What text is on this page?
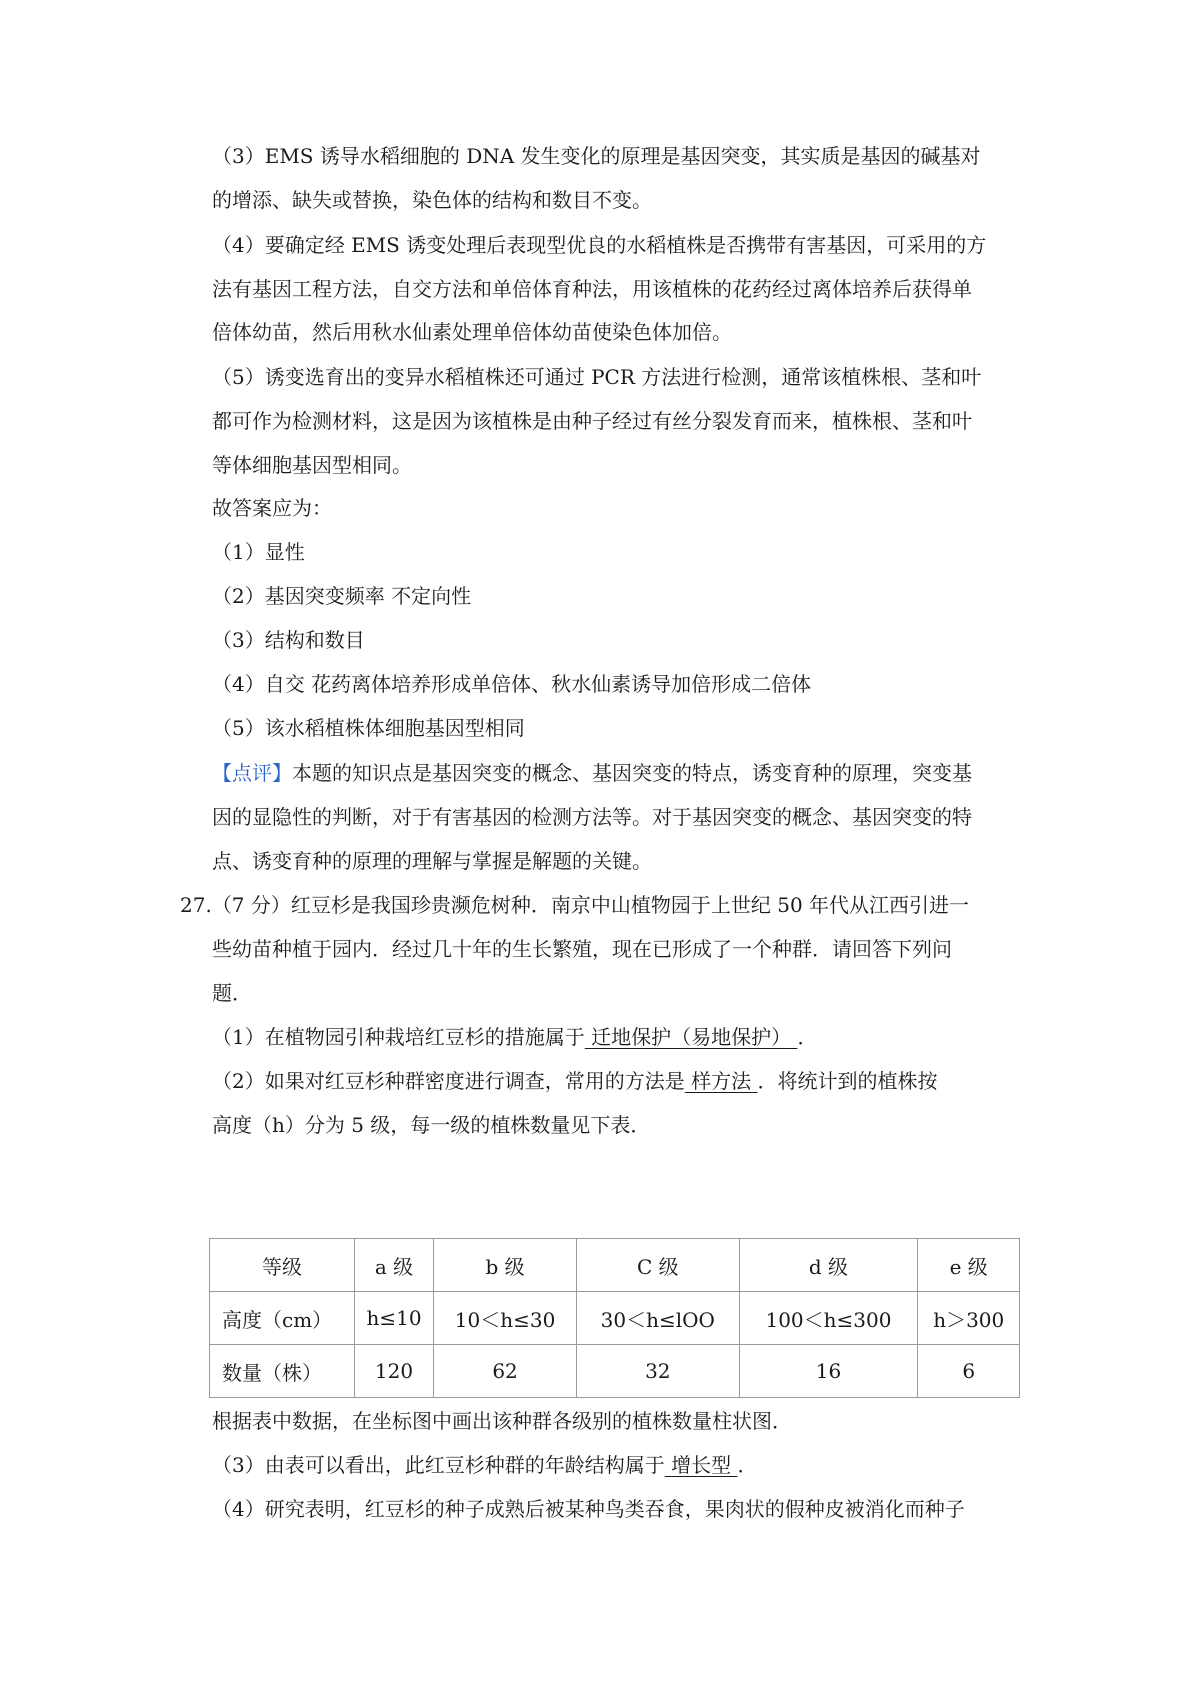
（3）EMS 诱导水稻细胞的 DNA 发生变化的原理是基因突变，其实质是基因的碱基对
的增添、缺失或替换，染色体的结构和数目不变。
（4）要确定经 EMS 诱变处理后表现型优良的水稻植株是否携带有害基因，可采用的方
法有基因工程方法，自交方法和单倍体育种法，用该植株的花药经过离体培养后获得单
倍体幼苗，然后用秋水仙素处理单倍体幼苗使染色体加倍。
（5）诱变选育出的变异水稻植株还可通过 PCR 方法进行检测，通常该植株根、茎和叶
都可作为检测材料，这是因为该植株是由种子经过有丝分裂发育而来，植株根、茎和叶
等体细胞基因型相同。
故答案应为：
（1）显性
（2）基因突变频率 不定向性
（3）结构和数目
（4）自交 花药离体培养形成单倍体、秋水仙素诱导加倍形成二倍体
（5）该水稻植株体细胞基因型相同
【点评】本题的知识点是基因突变的概念、基因突变的特点，诱变育种的原理，突变基
因的显隐性的判断，对于有害基因的检测方法等。对于基因突变的概念、基因突变的特
点、诱变育种的原理的理解与掌握是解题的关键。
27.（7 分）红豆杉是我国珍贵濒危树种．南京中山植物园于上世纪 50 年代从江西引进一
些幼苗种植于园内．经过几十年的生长繁殖，现在已形成了一个种群．请回答下列问
题．
（1）在植物园引种栽培红豆杉的措施属于 迁地保护（易地保护） ．
（2）如果对红豆杉种群密度进行调查，常用的方法是 样方法 ．将统计到的植株按
高度（h）分为 5 级，每一级的植株数量见下表．
等级	a 级	b 级	C 级	d 级	e 级
高度（cm）	h≤10	10＜h≤30	30＜h≤lOO	100＜h≤300	h＞300
数量（株）	120	62	32	16	6
根据表中数据，在坐标图中画出该种群各级别的植株数量柱状图．
（3）由表可以看出，此红豆杉种群的年龄结构属于 增长型 ．
（4）研究表明，红豆杉的种子成熟后被某种鸟类吞食，果肉状的假种皮被消化而种子
